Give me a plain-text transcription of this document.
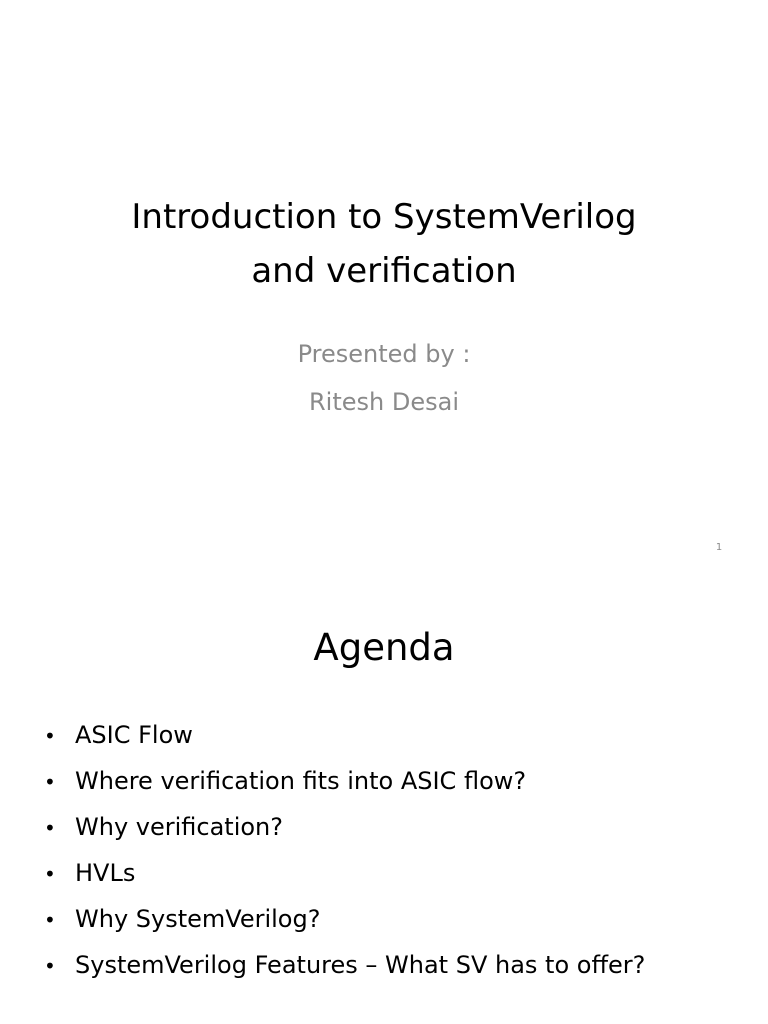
Introduction to SystemVerilog
and verification
Presented by :
Ritesh Desai
1
Agenda
• ASIC Flow
• Where verification fits into ASIC flow?
• Why verification?
• HVLs
• Why SystemVerilog?
• SystemVerilog Features – What SV has to offer?
